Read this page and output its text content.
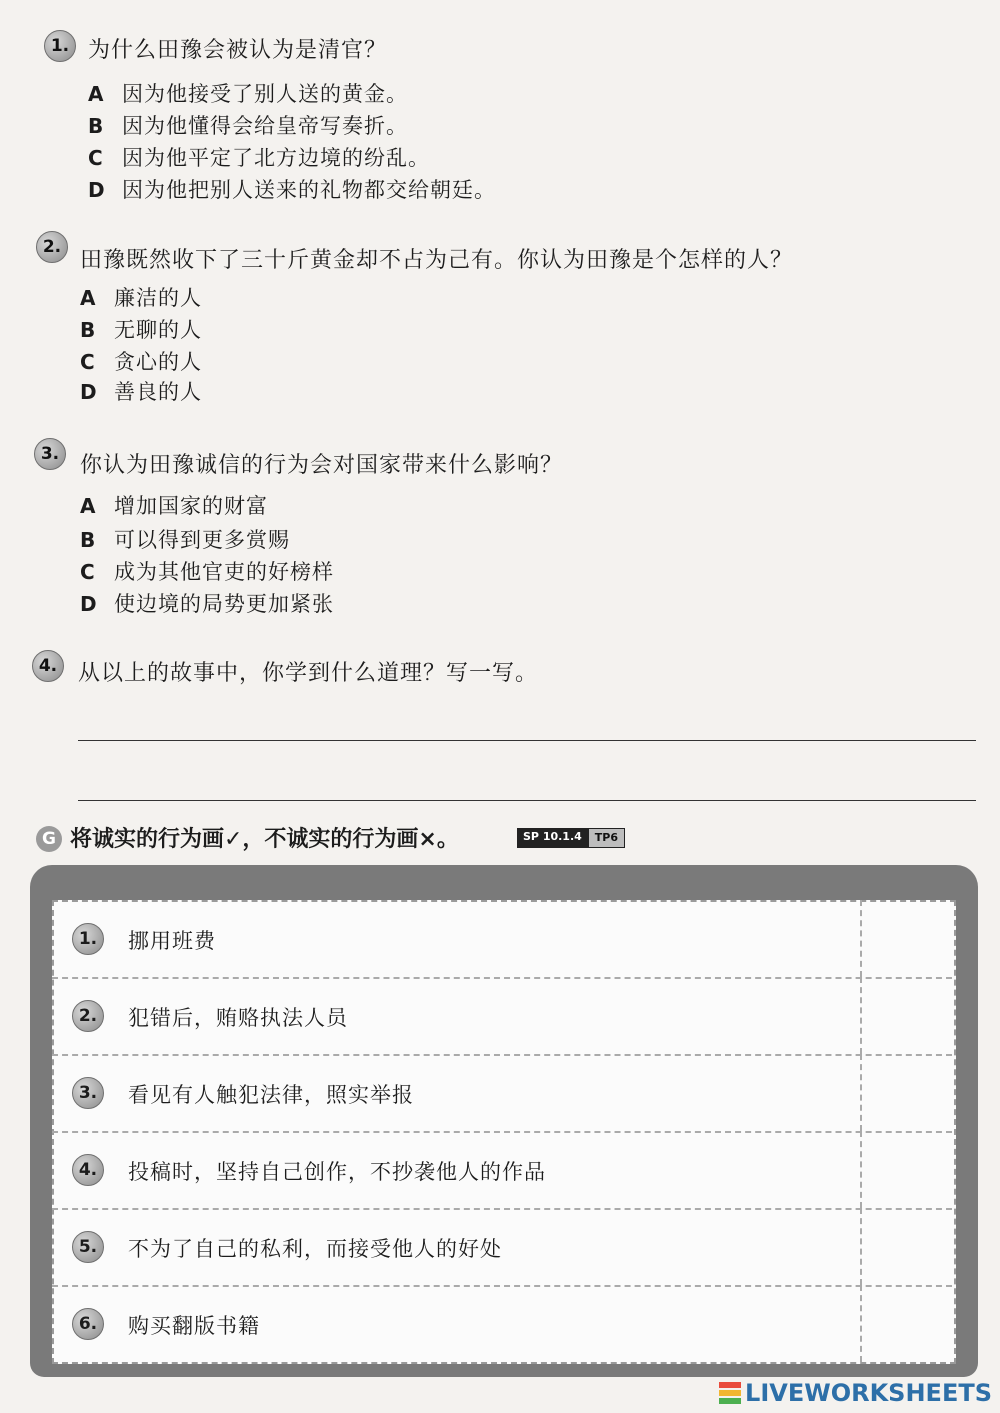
1. 为什么田豫会被认为是清官？
A 因为他接受了别人送的黄金。
B 因为他懂得会给皇帝写奏折。
C 因为他平定了北方边境的纷乱。
D 因为他把别人送来的礼物都交给朝廷。
2.
田豫既然收下了三十斤黄金却不占为己有。你认为田豫是个怎样的人？
A 廉洁的人
B 无聊的人
C 贪心的人
D 善良的人
3. 你认为田豫诚信的行为会对国家带来什么影响？
A 增加国家的财富
B 可以得到更多赏赐
C 成为其他官吏的好榜样
D 使边境的局势更加紧张
4. 从以上的故事中，你学到什么道理？写一写。
G 将诚实的行为画✓，不诚实的行为画×。	SP 10.1.4	TP6
1.	挪用班费
2.	犯错后，贿赂执法人员
3.	看见有人触犯法律，照实举报
4.	投稿时，坚持自己创作，不抄袭他人的作品
5.	不为了自己的私利，而接受他人的好处
6.	购买翻版书籍
LIVEWORKSHEETS
